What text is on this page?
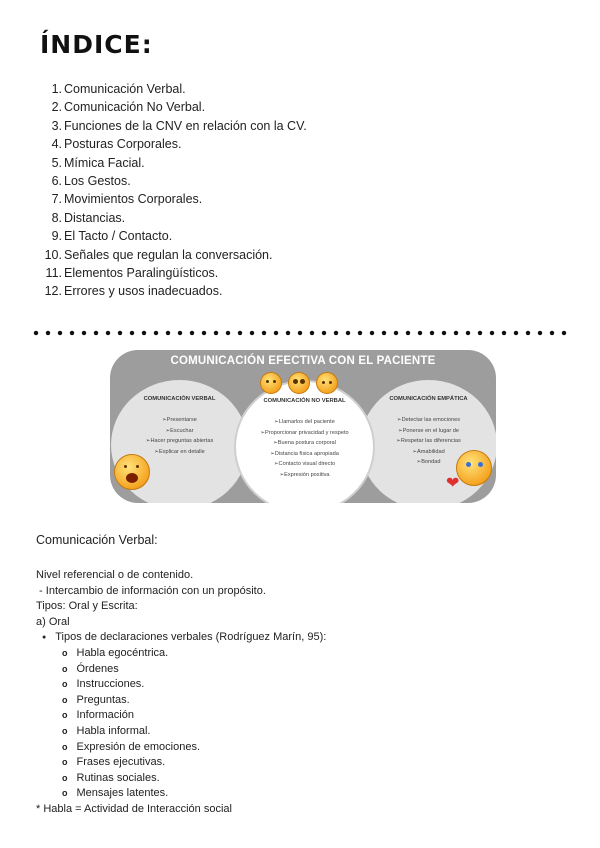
ÍNDICE:
1. Comunicación Verbal.
2. Comunicación No Verbal.
3. Funciones de la CNV en relación con la CV.
4. Posturas Corporales.
5. Mímica Facial.
6. Los Gestos.
7. Movimientos Corporales.
8. Distancias.
9. El Tacto / Contacto.
10. Señales que regulan la conversación.
11. Elementos Paralingüísticos.
12. Errores y usos inadecuados.
COMUNICACIÓN EFECTIVA CON EL PACIENTE
COMUNICACIÓN VERBAL
➢ Presentarse
➢ Escuchar
➢ Hacer preguntas abiertas
➢ Explicar en detalle
COMUNICACIÓN EMPÁTICA
➢ Detectar las emociones
➢ Ponerse en el lugar de
➢ Respetar las diferencias
➢ Amabilidad
➢ Bondad
COMUNICACIÓN NO VERBAL
➢ Llamarlos del paciente
➢ Proporcionar privacidad y respeto
➢ Buena postura corporal
➢ Distancia física apropiada
➢ Contacto visual directo
➢ Expresión positiva
❤
Comunicación Verbal:
Nivel referencial o de contenido.
- Intercambio de información con un propósito.
Tipos: Oral y Escrita:
a) Oral
● Tipos de declaraciones verbales (Rodríguez Marín, 95):
o Habla egocéntrica.
o Órdenes
o Instrucciones.
o Preguntas.
o Información
o Habla informal.
o Expresión de emociones.
o Frases ejecutivas.
o Rutinas sociales.
o Mensajes latentes.
* Habla = Actividad de Interacción social
